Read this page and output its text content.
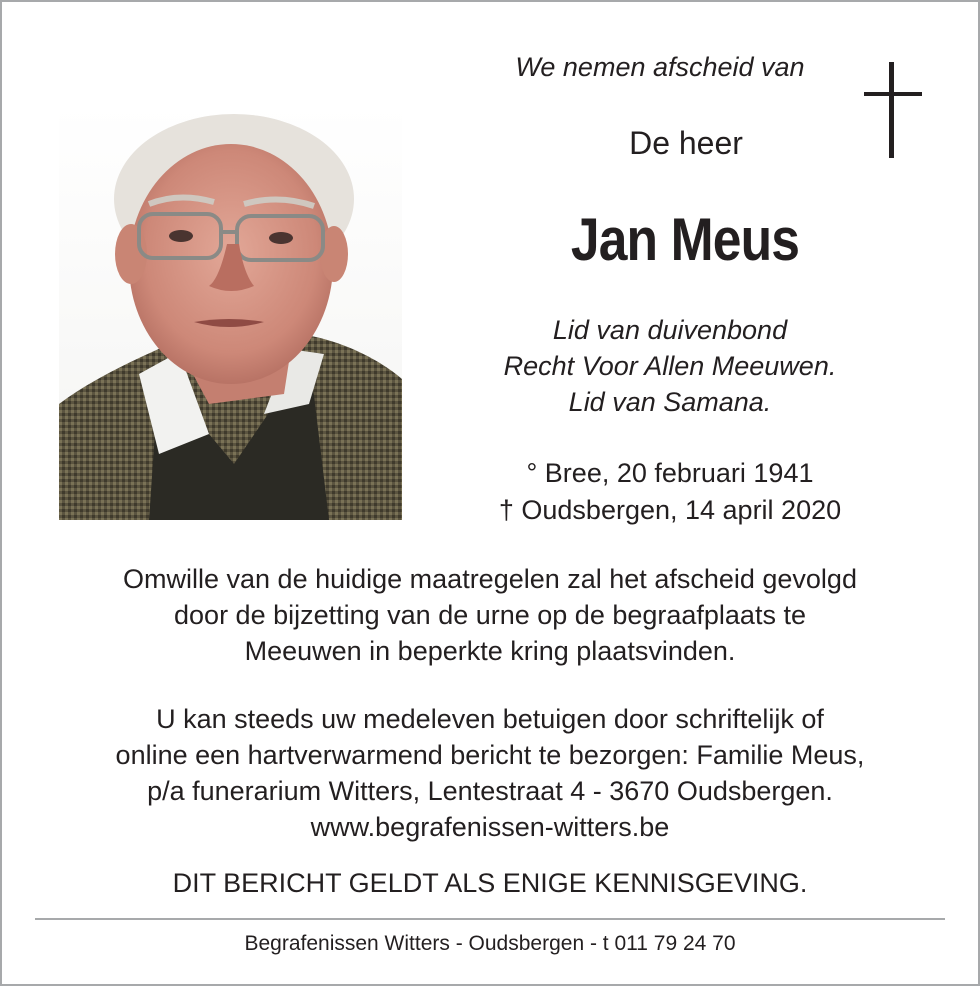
We nemen afscheid van
De heer
Jan Meus
Lid van duivenbond
Recht Voor Allen Meeuwen.
Lid van Samana.
° Bree, 20 februari 1941
† Oudsbergen, 14 april 2020
Omwille van de huidige maatregelen zal het afscheid gevolgd
door de bijzetting van de urne op de begraafplaats te
Meeuwen in beperkte kring plaatsvinden.
U kan steeds uw medeleven betuigen door schriftelijk of
online een hartverwarmend bericht te bezorgen: Familie Meus,
p/a funerarium Witters, Lentestraat 4 - 3670 Oudsbergen.
www.begrafenissen-witters.be
DIT BERICHT GELDT ALS ENIGE KENNISGEVING.
Begrafenissen Witters - Oudsbergen - t 011 79 24 70
